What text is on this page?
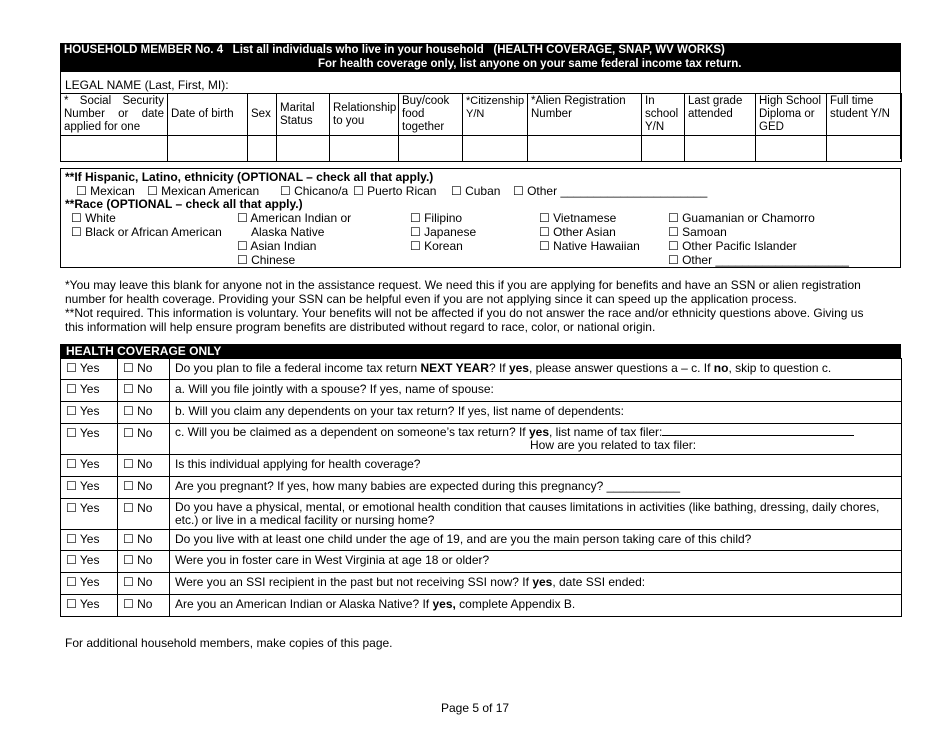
HOUSEHOLD MEMBER No. 4   List all individuals who live in your household   (HEALTH COVERAGE, SNAP, WV WORKS)
For health coverage only, list anyone on your same federal income tax return.
LEGAL NAME (Last, First, MI):
* Social Security Number or date applied for one	Date of birth	Sex	Marital Status	Relationship to you	Buy/cook food together	*Citizenship Y/N	*Alien Registration Number	In school Y/N	Last grade attended	High School Diploma or GED	Full time student Y/N

**If Hispanic, Latino, ethnicity (OPTIONAL – check all that apply.)
☐ Mexican ☐ Mexican American ☐ Chicano/a ☐ Puerto Rican ☐ Cuban ☐ Other ______________________
**Race (OPTIONAL – check all that apply.)
☐ White
☐ Black or African American
☐ American Indian or
Alaska Native
☐ Asian Indian
☐ Chinese
☐ Filipino
☐ Japanese
☐ Korean
☐ Vietnamese
☐ Other Asian
☐ Native Hawaiian
☐ Guamanian or Chamorro
☐ Samoan
☐ Other Pacific Islander
☐ Other ____________________
*You may leave this blank for anyone not in the assistance request. We need this if you are applying for benefits and have an SSN or alien registration
number for health coverage. Providing your SSN can be helpful even if you are not applying since it can speed up the application process.
**Not required. This information is voluntary. Your benefits will not be affected if you do not answer the race and/or ethnicity questions above. Giving us
this information will help ensure program benefits are distributed without regard to race, color, or national origin.
HEALTH COVERAGE ONLY
☐ Yes	☐ No	Do you plan to file a federal income tax return NEXT YEAR? If yes, please answer questions a – c. If no, skip to question c.
☐ Yes	☐ No	a. Will you file jointly with a spouse? If yes, name of spouse:
☐ Yes	☐ No	b. Will you claim any dependents on your tax return? If yes, list name of dependents:
☐ Yes	☐ No	c. Will you be claimed as a dependent on someone’s tax return? If yes, list name of tax filer:
How are you related to tax filer:
☐ Yes	☐ No	Is this individual applying for health coverage?
☐ Yes	☐ No	Are you pregnant? If yes, how many babies are expected during this pregnancy? ___________
☐ Yes	☐ No	Do you have a physical, mental, or emotional health condition that causes limitations in activities (like bathing, dressing, daily chores, etc.) or live in a medical facility or nursing home?
☐ Yes	☐ No	Do you live with at least one child under the age of 19, and are you the main person taking care of this child?
☐ Yes	☐ No	Were you in foster care in West Virginia at age 18 or older?
☐ Yes	☐ No	Were you an SSI recipient in the past but not receiving SSI now? If yes, date SSI ended:
☐ Yes	☐ No	Are you an American Indian or Alaska Native? If yes, complete Appendix B.
For additional household members, make copies of this page.
Page 5 of 17
